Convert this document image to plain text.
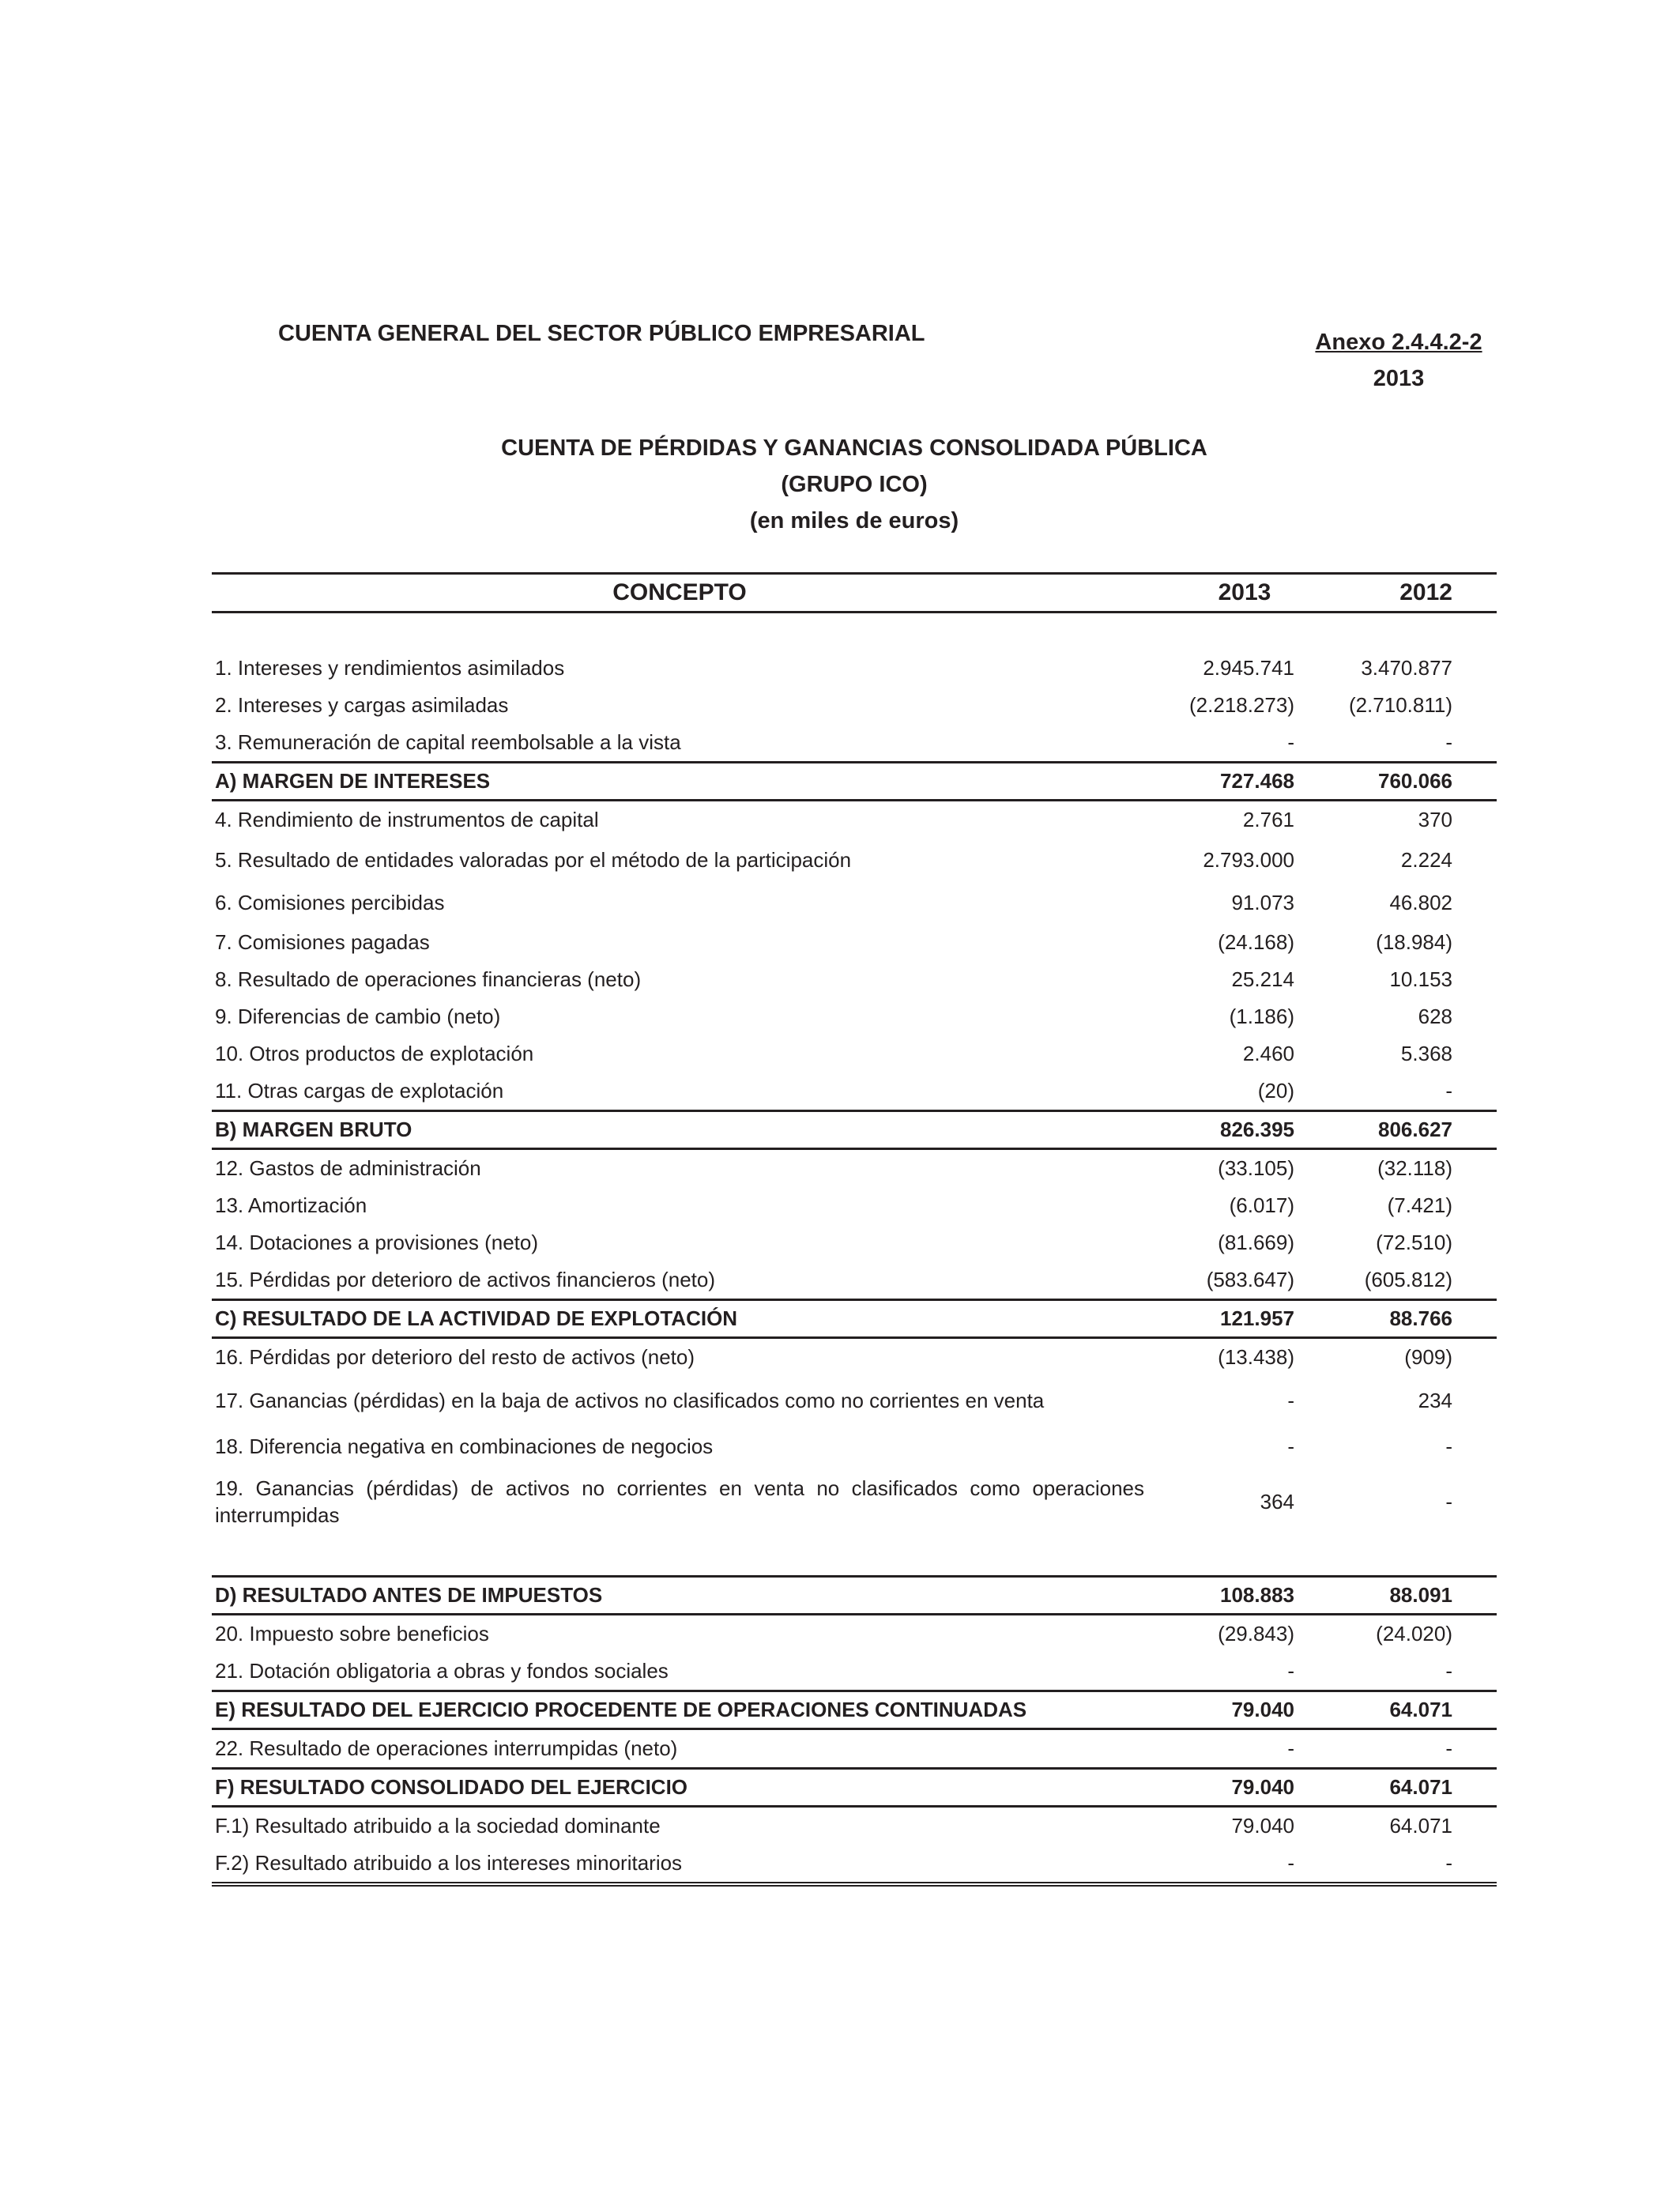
CUENTA GENERAL DEL SECTOR PÚBLICO EMPRESARIAL	Anexo 2.4.4.2-2
2013
CUENTA DE PÉRDIDAS Y GANANCIAS CONSOLIDADA PÚBLICA
(GRUPO ICO)
(en miles de euros)
CONCEPTO	2013	2012

1. Intereses y rendimientos asimilados	2.945.741	3.470.877
2. Intereses y cargas asimiladas	(2.218.273)	(2.710.811)
3. Remuneración de capital reembolsable a la vista	-	-
A) MARGEN DE INTERESES	727.468	760.066
4. Rendimiento de instrumentos de capital	2.761	370
5. Resultado de entidades valoradas por el método de la participación	2.793.000	2.224
6. Comisiones percibidas	91.073	46.802
7. Comisiones pagadas	(24.168)	(18.984)
8. Resultado de operaciones financieras (neto)	25.214	10.153
9. Diferencias de cambio (neto)	(1.186)	628
10. Otros productos de explotación	2.460	5.368
11. Otras cargas de explotación	(20)	-
B) MARGEN BRUTO	826.395	806.627
12. Gastos de administración	(33.105)	(32.118)
13. Amortización	(6.017)	(7.421)
14. Dotaciones a provisiones (neto)	(81.669)	(72.510)
15. Pérdidas por deterioro de activos financieros (neto)	(583.647)	(605.812)
C) RESULTADO DE LA ACTIVIDAD DE EXPLOTACIÓN	121.957	88.766
16. Pérdidas por deterioro del resto de activos (neto)	(13.438)	(909)
17. Ganancias (pérdidas) en la baja de activos no clasificados como no corrientes en venta	-	234
18. Diferencia negativa en combinaciones de negocios	-	-
19. Ganancias (pérdidas) de activos no corrientes en venta no clasificados como operaciones interrumpidas	364	-

D) RESULTADO ANTES DE IMPUESTOS	108.883	88.091
20. Impuesto sobre beneficios	(29.843)	(24.020)
21. Dotación obligatoria a obras y fondos sociales	-	-
E) RESULTADO DEL EJERCICIO PROCEDENTE DE OPERACIONES CONTINUADAS	79.040	64.071
22. Resultado de operaciones interrumpidas (neto)	-	-
F) RESULTADO CONSOLIDADO DEL EJERCICIO	79.040	64.071
F.1) Resultado atribuido a la sociedad dominante	79.040	64.071
F.2) Resultado atribuido a los intereses minoritarios	-	-
